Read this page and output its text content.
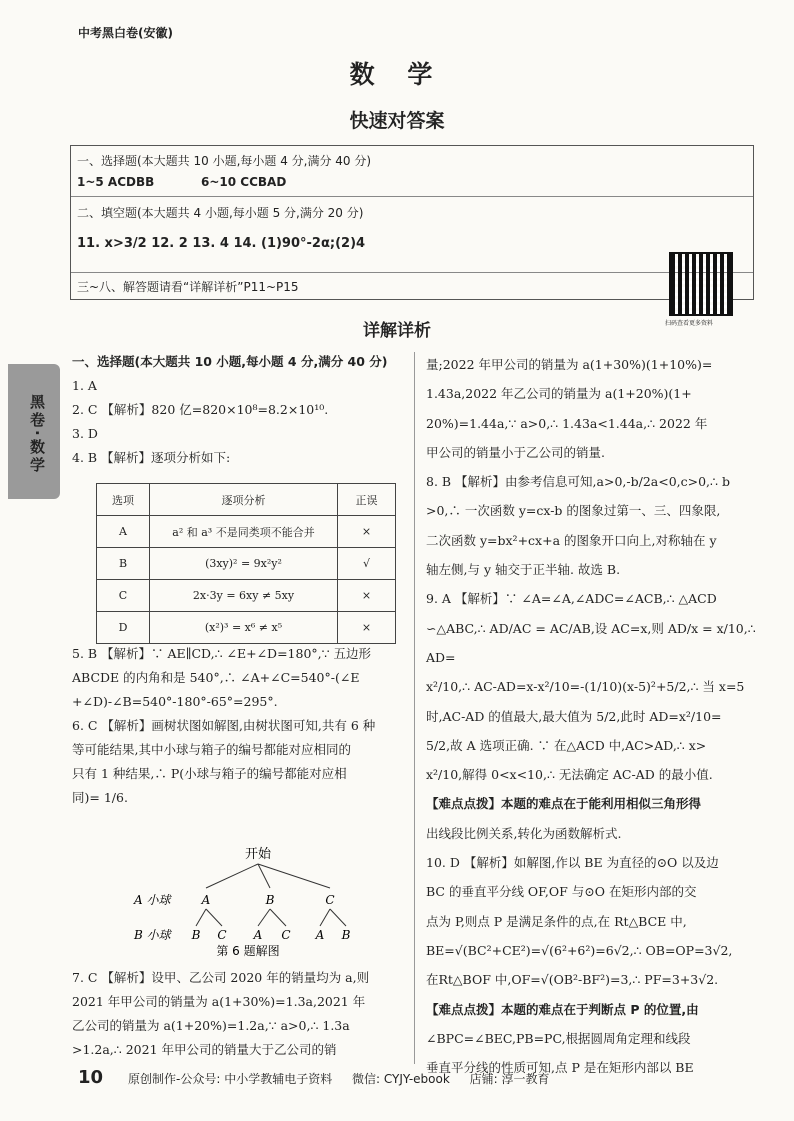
中考黑白卷(安徽)
数 学
快速对答案
一、选择题(本大题共 10 小题,每小题 4 分,满分 40 分)
1~5 ACDBB	6~10 CCBAD
二、填空题(本大题共 4 小题,每小题 5 分,满分 20 分)
11. x>3/2 12. 2 13. 4 14. (1)90°-2α;(2)4
扫码查看更多资料
三~八、解答题请看“详解详析”P11~P15
详解详析
黑卷·数学

一、选择题(本大题共 10 小题,每小题 4 分,满分 40 分)

1. A

2. C 【解析】820 亿=820×10⁸=8.2×10¹⁰.

3. D

4. B 【解析】逐项分析如下:

选项	逐项分析	正误
A	a² 和 a³ 不是同类项不能合并	×
B	(3xy)² = 9x²y²	√
C	2x·3y = 6xy ≠ 5xy	×
D	(x²)³ = x⁶ ≠ x⁵	×

5. B 【解析】∵ AE∥CD,∴ ∠E+∠D=180°,∵ 五边形

ABCDE 的内角和是 540°,∴ ∠A+∠C=540°-(∠E

+∠D)-∠B=540°-180°-65°=295°.

6. C 【解析】画树状图如解图,由树状图可知,共有 6 种

等可能结果,其中小球与箱子的编号都能对应相同的

只有 1 种结果,∴ P(小球与箱子的编号都能对应相

同)= 1/6.

开始
A 小球	A	B	C
B 小球 B C A C A B
第 6 题解图

7. C 【解析】设甲、乙公司 2020 年的销量均为 a,则

2021 年甲公司的销量为 a(1+30%)=1.3a,2021 年

乙公司的销量为 a(1+20%)=1.2a,∵ a>0,∴ 1.3a

>1.2a,∴ 2021 年甲公司的销量大于乙公司的销

量;2022 年甲公司的销量为 a(1+30%)(1+10%)=

1.43a,2022 年乙公司的销量为 a(1+20%)(1+

20%)=1.44a,∵ a>0,∴ 1.43a<1.44a,∴ 2022 年

甲公司的销量小于乙公司的销量.

8. B 【解析】由参考信息可知,a>0,-b/2a<0,c>0,∴ b

>0,∴ 一次函数 y=cx-b 的图象过第一、三、四象限,

二次函数 y=bx²+cx+a 的图象开口向上,对称轴在 y

轴左侧,与 y 轴交于正半轴. 故选 B.

9. A 【解析】∵ ∠A=∠A,∠ADC=∠ACB,∴ △ACD

∽△ABC,∴ AD/AC = AC/AB,设 AC=x,则 AD/x = x/10,∴ AD=

x²/10,∴ AC-AD=x-x²/10=-(1/10)(x-5)²+5/2,∴ 当 x=5

时,AC-AD 的值最大,最大值为 5/2,此时 AD=x²/10=

5/2,故 A 选项正确. ∵ 在△ACD 中,AC>AD,∴ x>

x²/10,解得 0<x<10,∴ 无法确定 AC-AD 的最小值.

【难点点拨】本题的难点在于能利用相似三角形得

出线段比例关系,转化为函数解析式.

10. D 【解析】如解图,作以 BE 为直径的⊙O 以及边

BC 的垂直平分线 OF,OF 与⊙O 在矩形内部的交

点为 P,则点 P 是满足条件的点,在 Rt△BCE 中,

BE=√(BC²+CE²)=√(6²+6²)=6√2,∴ OB=OP=3√2,

在Rt△BOF 中,OF=√(OB²-BF²)=3,∴ PF=3+3√2.

【难点点拨】本题的难点在于判断点 P 的位置,由

∠BPC=∠BEC,PB=PC,根据圆周角定理和线段

垂直平分线的性质可知,点 P 是在矩形内部以 BE

10 原创制作-公众号: 中小学教辅电子资料 微信: CYJY-ebook 店铺: 淳一教育
